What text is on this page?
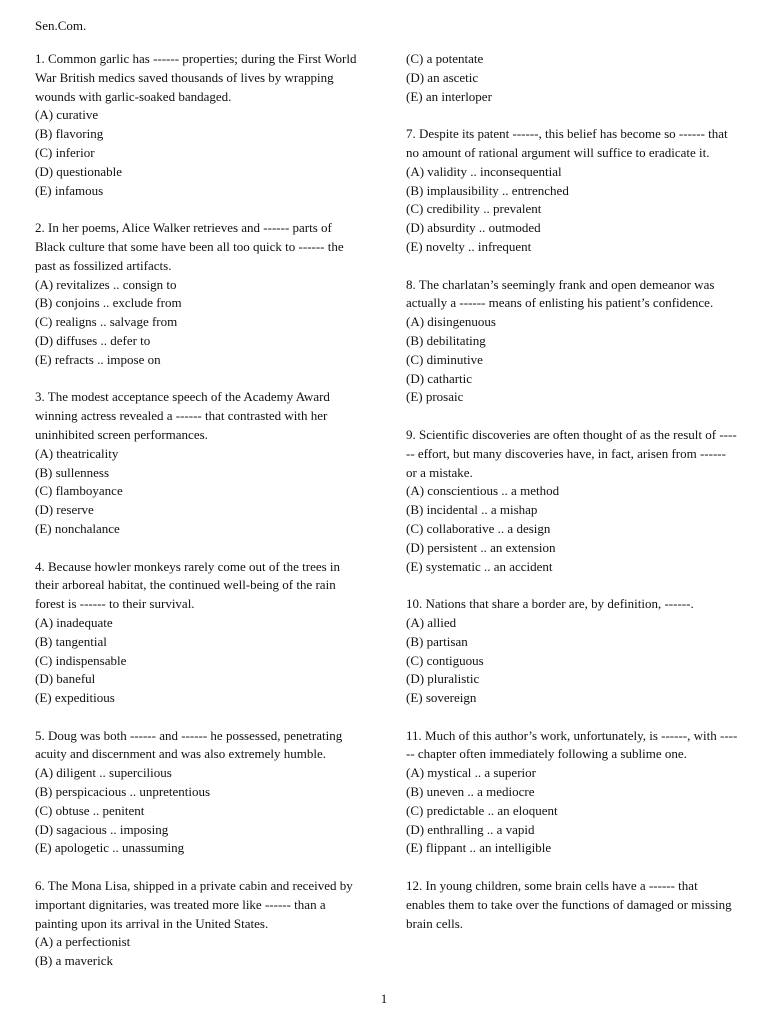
Sen.Com.
1. Common garlic has ------ properties; during the First World War British medics saved thousands of lives by wrapping wounds with garlic-soaked bandaged.
(A) curative
(B) flavoring
(C) inferior
(D) questionable
(E) infamous
2. In her poems, Alice Walker retrieves and ------ parts of Black culture that some have been all too quick to ------ the past as fossilized artifacts.
(A) revitalizes .. consign to
(B) conjoins .. exclude from
(C) realigns .. salvage from
(D) diffuses .. defer to
(E) refracts .. impose on
3. The modest acceptance speech of the Academy Award winning actress revealed a ------ that contrasted with her uninhibited screen performances.
(A) theatricality
(B) sullenness
(C) flamboyance
(D) reserve
(E) nonchalance
4. Because howler monkeys rarely come out of the trees in their arboreal habitat, the continued well-being of the rain forest is ------ to their survival.
(A) inadequate
(B) tangential
(C) indispensable
(D) baneful
(E) expeditious
5. Doug was both ------ and ------ he possessed, penetrating acuity and discernment and was also extremely humble.
(A) diligent .. supercilious
(B) perspicacious .. unpretentious
(C) obtuse .. penitent
(D) sagacious .. imposing
(E) apologetic .. unassuming
6. The Mona Lisa, shipped in a private cabin and received by important dignitaries, was treated more like ------ than a painting upon its arrival in the United States.
(A) a perfectionist
(B) a maverick
(C) a potentate
(D) an ascetic
(E) an interloper
7. Despite its patent ------, this belief has become so ------ that no amount of rational argument will suffice to eradicate it.
(A) validity .. inconsequential
(B) implausibility .. entrenched
(C) credibility .. prevalent
(D) absurdity .. outmoded
(E) novelty .. infrequent
8. The charlatan’s seemingly frank and open demeanor was actually a ------ means of enlisting his patient’s confidence.
(A) disingenuous
(B) debilitating
(C) diminutive
(D) cathartic
(E) prosaic
9. Scientific discoveries are often thought of as the result of ------ effort, but many discoveries have, in fact, arisen from ------ or a mistake.
(A) conscientious .. a method
(B) incidental .. a mishap
(C) collaborative .. a design
(D) persistent .. an extension
(E) systematic .. an accident
10. Nations that share a border are, by definition, ------.
(A) allied
(B) partisan
(C) contiguous
(D) pluralistic
(E) sovereign
11. Much of this author’s work, unfortunately, is ------, with ------ chapter often immediately following a sublime one.
(A) mystical .. a superior
(B) uneven .. a mediocre
(C) predictable .. an eloquent
(D) enthralling .. a vapid
(E) flippant .. an intelligible
12. In young children, some brain cells have a ------ that enables them to take over the functions of damaged or missing brain cells.
1
